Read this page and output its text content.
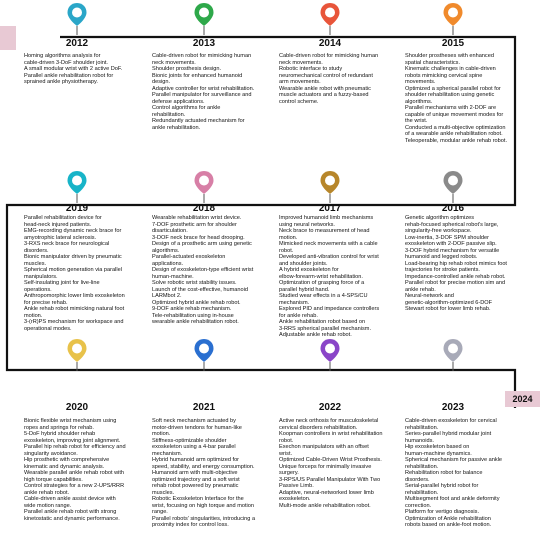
2024
2012
Homing algorithms analysis for
cable-driven 3-DoF shoulder joint.
A small modular wrist with 2 active DoF.
Parallel ankle rehabilitation robot for
sprained ankle physiotherapy.
2013
Cable-driven robot for mimicking human
neck movements.
Shoulder prosthesis design.
Bionic joints for enhanced humanoid
design.
Adaptive controller for wrist rehabilitation.
Parallel manipulator for surveillance and
defense applications.
Control algorithms for ankle
rehabilitation.
Redundantly actuated mechanism for
ankle rehabilitation.
2014
Cable-driven robot for mimicking human
neck movements.
Robotic interface to study
neuromechanical control of redundant
arm movements.
Wearable ankle robot with pneumatic
muscle actuators and a fuzzy-based
control scheme.
2015
Shoulder prostheses with enhanced
spatial characteristics.
Kinematic challenges in cable-driven
robots mimicking cervical spine
movements.
Optimized a spherical parallel robot for
shoulder rehabilitation using genetic
algorithms.
Parallel mechanisms with 2-DOF are
capable of unique movement modes for
the wrist.
Conducted a multi-objective optimization
of a wearable ankle rehabilitation robot.
Teleoperable, modular ankle rehab robot.
2019
Parallel rehabilitation device for
head-neck injured patients.
EMG-recording dynamic neck brace for
amyotrophic lateral sclerosis.
3-RXS neck brace for neurological
disorders.
Bionic manipulator driven by pneumatic
muscles.
Spherical motion generation via parallel
manipulators.
Self-insulating joint for live-line
operations.
Anthropomorphic lower limb exoskeleton
for precise rehab.
Ankle rehab robot mimicking natural foot
motion.
3-(rR)PS mechanism for workspace and
operational modes.
2018
Wearable rehabilitation wrist device.
7-DOF prosthetic arm for shoulder
disarticulation.
3-DOF neck brace for head drooping.
Design of a prosthetic arm using genetic
algorithms.
Parallel-actuated exoskeleton
applications.
Design of exoskeleton-type efficient wrist
human-machine.
Solve robotic wrist stability issues.
Launch of the cost-effective, humanoid
LARMbot 2.
Optimized hybrid ankle rehab robot.
9-DOF ankle rehab mechanism.
Tele-rehabilitation using in-house
wearable ankle rehabilitation robot.
2017
Improved humanoid limb mechanisms
using neural networks.
Neck brace to measurement of head
motion.
Mimicked neck movements with a cable
robot.
Developed anti-vibration control for wrist
and shoulder joints.
A hybrid exoskeleton for
elbow-forearm-wrist rehabilitation.
Optimization of grasping force of a
parallel hybrid hand.
Studied wear effects in a 4-SPS/CU
mechanism.
Explored PID and impedance controllers
for ankle rehab.
Ankle rehabilitation robot based on
3-RRS spherical parallel mechanism.
Adjustable ankle rehab robot.
2016
Genetic algorithm optimizes
rehab-focused spherical robot's large,
singularity-free workspace.
Low-inertia, 3-DOF SPM shoulder
exoskeleton with 2-DOF passive slip.
3-DOF hybrid mechanism for versatile
humanoid and legged robots.
Load-bearing hip rehab robot mimics foot
trajectories for stroke patients.
Impedance-controlled ankle rehab robot.
Parallel robot for precise motion sim and
ankle rehab.
Neural-network and
genetic-algorithm-optimized 6-DOF
Stewart robot for lower limb rehab.
2020
Bionic flexible wrist mechanism using
ropes and springs for rehab.
5-DoF hybrid shoulder rehab
exoskeleton, improving joint alignment.
Parallel hip rehab robot for efficiency and
singularity avoidance.
Hip prosthetic with comprehensive
kinematic and dynamic analysis.
Wearable parallel ankle rehab robot with
high torque capabilities.
Control strategies for a new 2-UPS/RRR
ankle rehab robot.
Cable-driven ankle assist device with
wide motion range.
Parallel ankle rehab robot with strong
kinetostatic and dynamic performance.
2021
Soft neck mechanism actuated by
motor-driven tendons for human-like
motion.
Stiffness-optimizable shoulder
exoskeleton using a 4-bar parallel
mechanism.
Hybrid humanoid arm optimized for
speed, stability, and energy consumption.
Humanoid arm with multi-objective
optimized trajectory and a soft wrist
rehab robot powered by pneumatic
muscles.
Robotic Exoskeleton Interface for the
wrist, focusing on high torque and motion
range.
Parallel robots' singularities, introducing a
proximity index for control loss.
2022
Active neck orthosis for musculoskeletal
cervical disorders rehabilitation.
Koopman controllers in wrist rehabilitation
robot.
Exechon manipulators with an offset
wrist.
Optimized Cable-Driven Wrist Prosthesis.
Unique forceps for minimally invasive
surgery.
3-RPS/US Parallel Manipulator With Two
Passive Limb.
Adaptive, neural-networked lower limb
exoskeleton.
Multi-mode ankle rehabilitation robot.
2023
Cable-driven exoskeleton for cervical
rehabilitation.
Series-parallel hybrid modular joint
humanoids.
Hip exoskeleton based on
human-machine dynamics.
Spherical mechanism for passive ankle
rehabilitation.
Rehabilitation robot for balance
disorders.
Serial-parallel hybrid robot for
rehabilitation.
Multisegment foot and ankle deformity
correction.
Platform for vertigo diagnosis.
Optimization of Ankle rehabilitation
robots based on ankle-foot motion.
